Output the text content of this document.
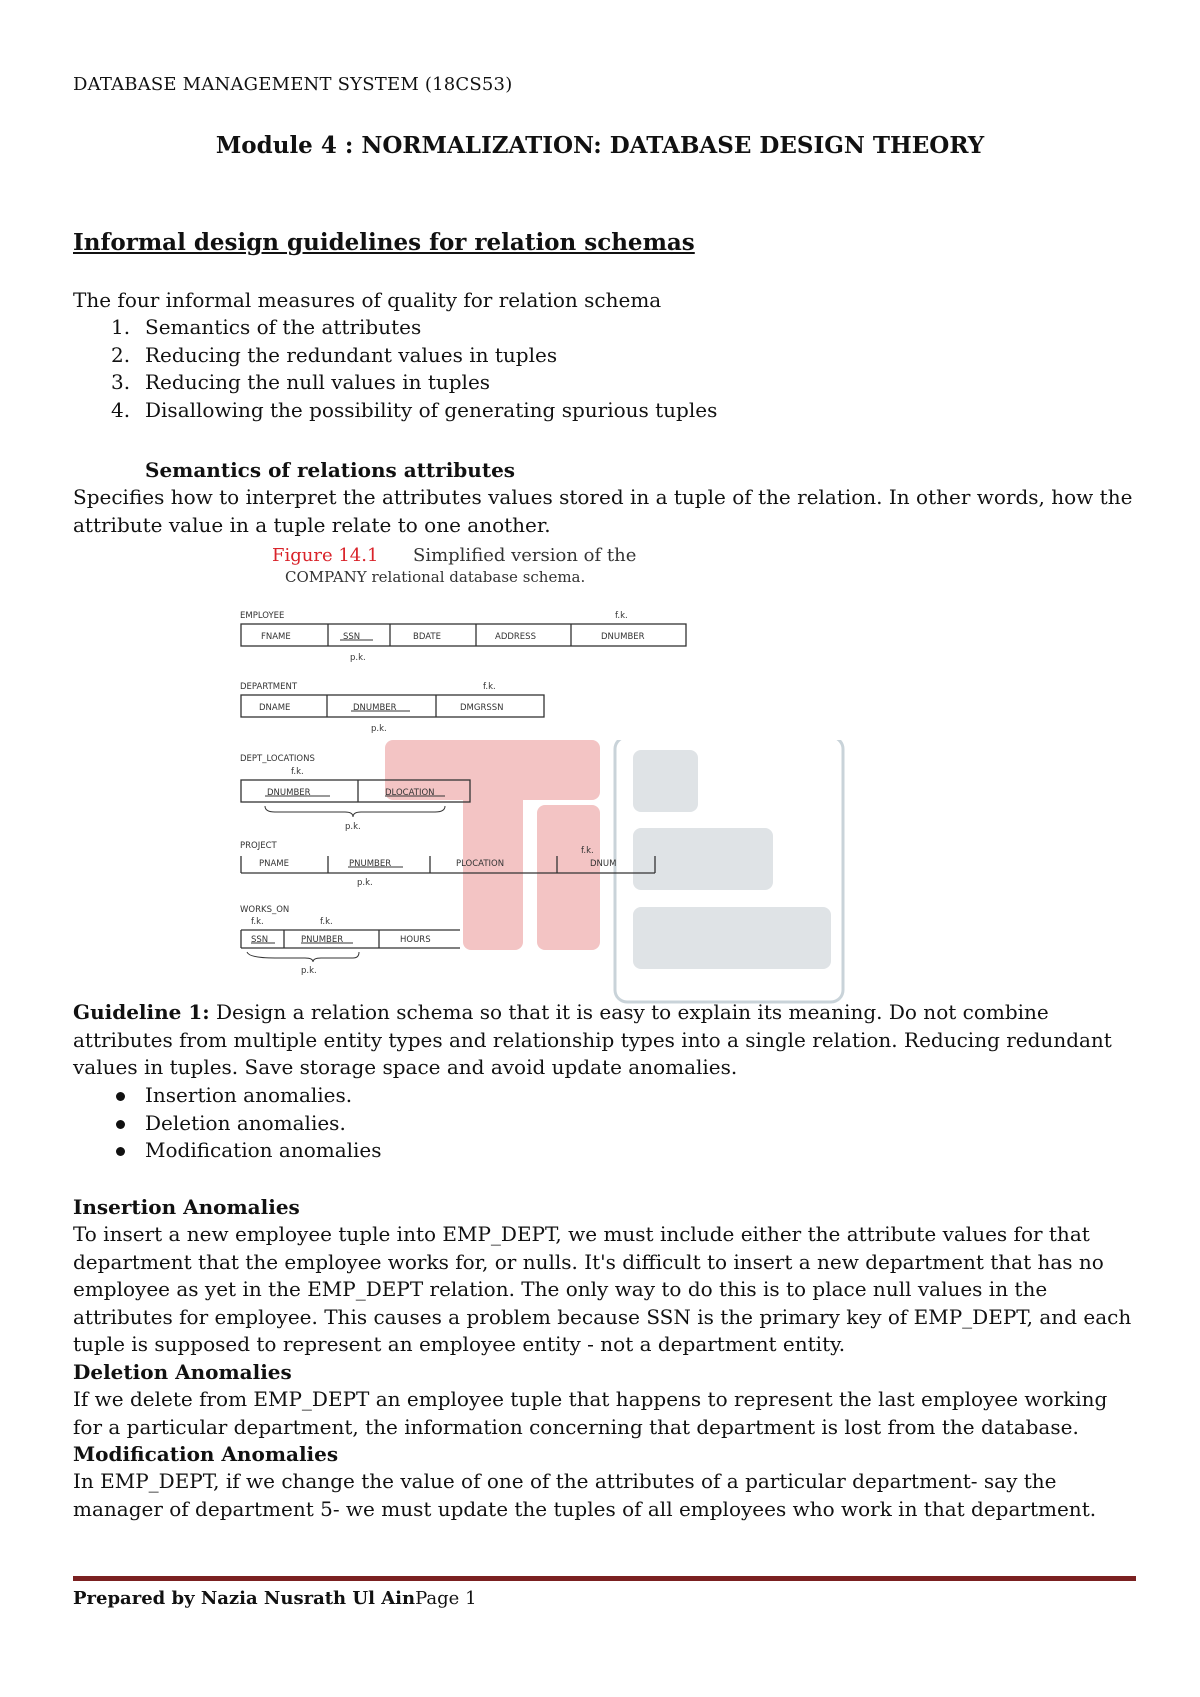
DATABASE MANAGEMENT SYSTEM (18CS53)
Module 4 : NORMALIZATION: DATABASE DESIGN THEORY
Informal design guidelines for relation schemas
The four informal measures of quality for relation schema
1. Semantics of the attributes
2. Reducing the redundant values in tuples
3. Reducing the null values in tuples
4. Disallowing the possibility of generating spurious tuples
Semantics of relations attributes
Specifies how to interpret the attributes values stored in a tuple of the relation. In other words, how the attribute value in a tuple relate to one another.
Figure 14.1 Simplified version of the
COMPANY relational database schema.
EMPLOYEE	f.k.
FNAME	SSN	BDATE	ADDRESS	DNUMBER
p.k.
DEPARTMENT	f.k.
DNAME	DNUMBER	DMGRSSN
p.k.
DEPT_LOCATIONS
f.k.
DNUMBER	DLOCATION
p.k.
PROJECT	f.k.
PNAME	PNUMBER	PLOCATION	DNUM
p.k.
WORKS_ON
f.k.	f.k.
SSN	PNUMBER	HOURS
p.k.
Guideline 1: Design a relation schema so that it is easy to explain its meaning. Do not combine attributes from multiple entity types and relationship types into a single relation. Reducing redundant values in tuples. Save storage space and avoid update anomalies.
Insertion anomalies.
Deletion anomalies.
Modification anomalies
Insertion Anomalies
To insert a new employee tuple into EMP_DEPT, we must include either the attribute values for that department that the employee works for, or nulls. It's difficult to insert a new department that has no employee as yet in the EMP_DEPT relation. The only way to do this is to place null values in the attributes for employee. This causes a problem because SSN is the primary key of EMP_DEPT, and each tuple is supposed to represent an employee entity - not a department entity.
Deletion Anomalies
If we delete from EMP_DEPT an employee tuple that happens to represent the last employee working for a particular department, the information concerning that department is lost from the database.
Modification Anomalies
In EMP_DEPT, if we change the value of one of the attributes of a particular department- say the manager of department 5- we must update the tuples of all employees who work in that department.
Prepared by Nazia Nusrath Ul AinPage 1
